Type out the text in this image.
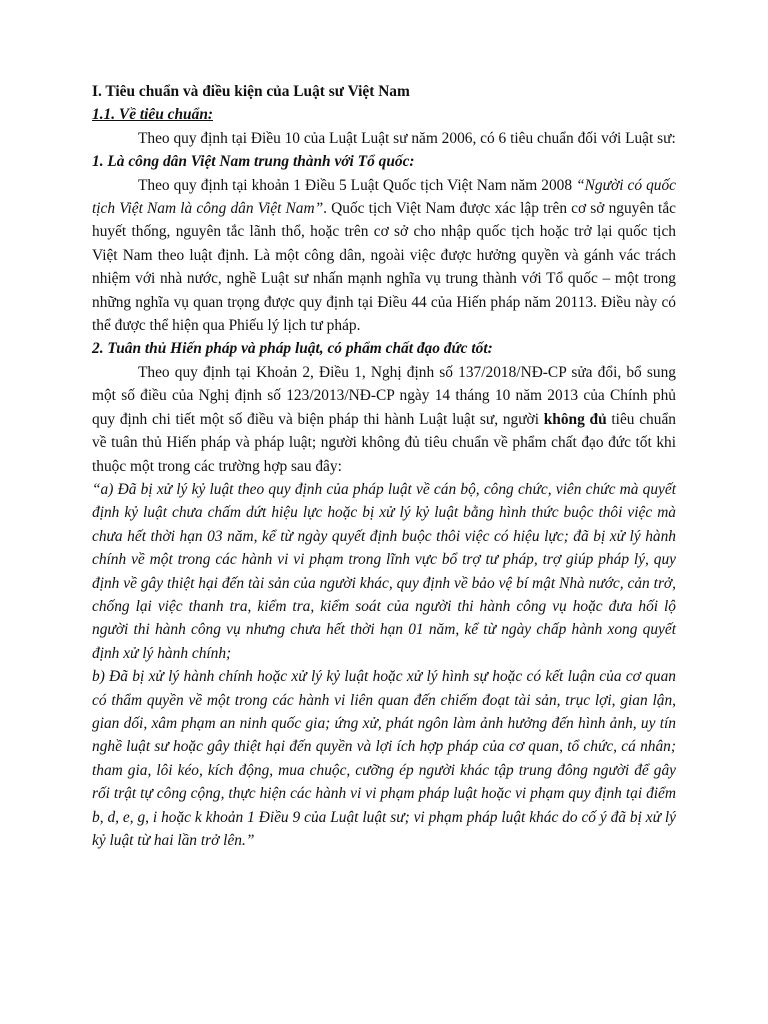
I. Tiêu chuẩn và điều kiện của Luật sư Việt Nam

1.1. Về tiêu chuẩn:

Theo quy định tại Điều 10 của Luật Luật sư năm 2006, có 6 tiêu chuẩn đối với Luật sư:

1. Là công dân Việt Nam trung thành với Tổ quốc:

Theo quy định tại khoản 1 Điều 5 Luật Quốc tịch Việt Nam năm 2008 “Người có quốc tịch Việt Nam là công dân Việt Nam”. Quốc tịch Việt Nam được xác lập trên cơ sở nguyên tắc huyết thống, nguyên tắc lãnh thổ, hoặc trên cơ sở cho nhập quốc tịch hoặc trở lại quốc tịch Việt Nam theo luật định. Là một công dân, ngoài việc được hưởng quyền và gánh vác trách nhiệm với nhà nước, nghề Luật sư nhấn mạnh nghĩa vụ trung thành với Tổ quốc – một trong những nghĩa vụ quan trọng được quy định tại Điều 44 của Hiến pháp năm 20113. Điều này có thể được thể hiện qua Phiếu lý lịch tư pháp.

2. Tuân thủ Hiến pháp và pháp luật, có phẩm chất đạo đức tốt:

Theo quy định tại Khoản 2, Điều 1, Nghị định số 137/2018/NĐ-CP sửa đổi, bổ sung một số điều của Nghị định số 123/2013/NĐ-CP ngày 14 tháng 10 năm 2013 của Chính phủ quy định chi tiết một số điều và biện pháp thi hành Luật luật sư, người không đủ tiêu chuẩn về tuân thủ Hiến pháp và pháp luật; người không đủ tiêu chuẩn về phẩm chất đạo đức tốt khi thuộc một trong các trường hợp sau đây:

“a) Đã bị xử lý kỷ luật theo quy định của pháp luật về cán bộ, công chức, viên chức mà quyết định kỷ luật chưa chấm dứt hiệu lực hoặc bị xử lý kỷ luật bằng hình thức buộc thôi việc mà chưa hết thời hạn 03 năm, kể từ ngày quyết định buộc thôi việc có hiệu lực; đã bị xử lý hành chính về một trong các hành vi vi phạm trong lĩnh vực bổ trợ tư pháp, trợ giúp pháp lý, quy định về gây thiệt hại đến tài sản của người khác, quy định về bảo vệ bí mật Nhà nước, cản trở, chống lại việc thanh tra, kiểm tra, kiểm soát của người thi hành công vụ hoặc đưa hối lộ người thi hành công vụ nhưng chưa hết thời hạn 01 năm, kể từ ngày chấp hành xong quyết định xử lý hành chính;

b) Đã bị xử lý hành chính hoặc xử lý kỷ luật hoặc xử lý hình sự hoặc có kết luận của cơ quan có thẩm quyền về một trong các hành vi liên quan đến chiếm đoạt tài sản, trục lợi, gian lận, gian dối, xâm phạm an ninh quốc gia; ứng xử, phát ngôn làm ảnh hưởng đến hình ảnh, uy tín nghề luật sư hoặc gây thiệt hại đến quyền và lợi ích hợp pháp của cơ quan, tổ chức, cá nhân; tham gia, lôi kéo, kích động, mua chuộc, cưỡng ép người khác tập trung đông người để gây rối trật tự công cộng, thực hiện các hành vi vi phạm pháp luật hoặc vi phạm quy định tại điểm b, d, e, g, i hoặc k khoản 1 Điều 9 của Luật luật sư; vi phạm pháp luật khác do cố ý đã bị xử lý kỷ luật từ hai lần trở lên.”
